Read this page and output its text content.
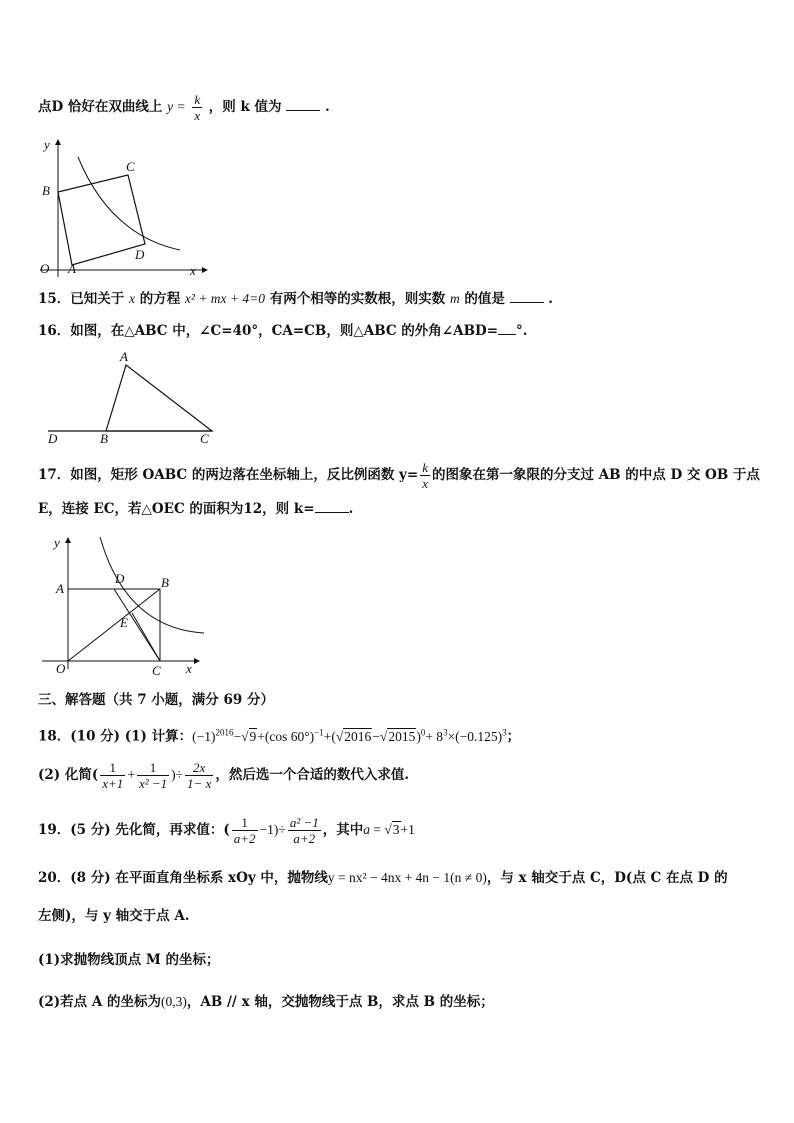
点D 恰好在双曲线上 $y = \frac{k}{x}$ ，则 k 值为	.
y
B
C
D
O A	x
15．已知关于 x 的方程 x² + mx + 4=0 有两个相等的实数根，则实数 m 的值是	.
16．如图，在△ABC 中，∠C=40°，CA=CB，则△ABC 的外角∠ABD= °.
A
D	B	C
17．如图，矩形 OABC 的两边落在坐标轴上，反比例函数 $y= \frac{k}{x}$ 的图象在第一象限的分支过 AB 的中点 D 交 OB 于点
E，连接 EC，若△OEC 的面积为12，则 k=	.
y
A
D	B
E
O	C x
三、解答题（共 7 小题，满分 69 分）
18．(10 分) (1) 计算：$(-1)^{2016}-√9+(\cos$ $60^\circ)^{-1}+(√2016-√2015)^0+ 8^3\times(-0.125)^3$；
(2) 化简( $\frac{1}{x+1} + \frac{1}{\text{x² −1}}$ )÷ $\frac{2x}{1- x}$ ，然后选一个合适的数代入求值.
19．(5 分) 先化简，再求值：( $\frac{1}{a+2} -1)\div \frac{\text{a² −1}}{a+2}$ ，其中a = √3+1
20．(8 分) 在平面直角坐标系 xOy 中，抛物线y = nx² − 4nx + 4n − 1(n ≠ 0)，与 x 轴交于点 C，D(点 C 在点 D 的
左侧)，与 y 轴交于点 A.
(1)求抛物线顶点 M 的坐标；
(2)若点 A 的坐标为(0,3)，AB // x 轴，交抛物线于点 B，求点 B 的坐标；
